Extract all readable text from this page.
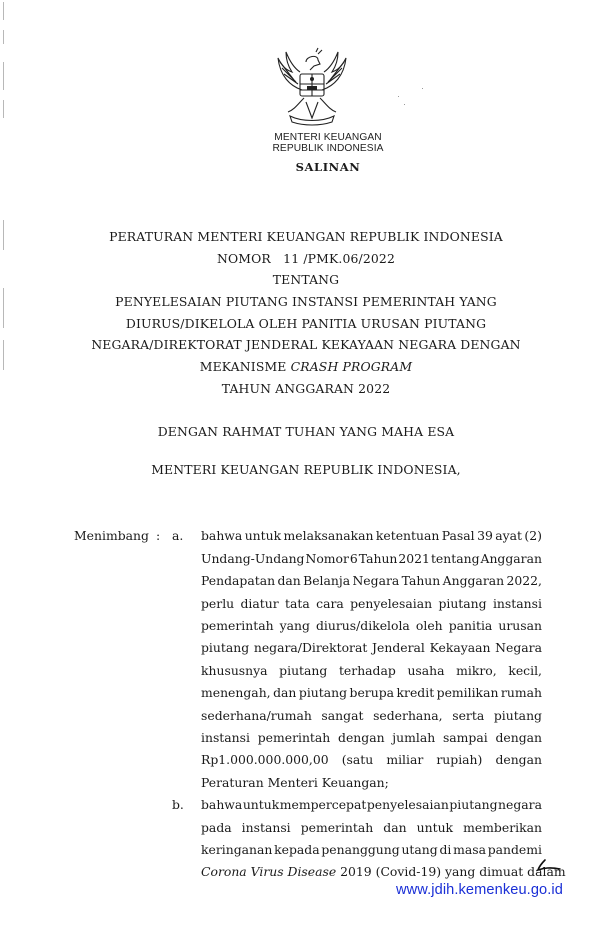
MENTERI KEUANGAN
REPUBLIK INDONESIA
SALINAN
PERATURAN MENTERI KEUANGAN REPUBLIK INDONESIA
NOMOR   11 /PMK.06/2022
TENTANG
PENYELESAIAN PIUTANG INSTANSI PEMERINTAH YANG
DIURUS/DIKELOLA OLEH PANITIA URUSAN PIUTANG
NEGARA/DIREKTORAT JENDERAL KEKAYAAN NEGARA DENGAN
MEKANISME CRASH PROGRAM
TAHUN ANGGARAN 2022
DENGAN RAHMAT TUHAN YANG MAHA ESA
MENTERI KEUANGAN REPUBLIK INDONESIA,
Menimbang : a. bahwa untuk melaksanakan ketentuan Pasal 39 ayat (2)
Undang-Undang Nomor 6 Tahun 2021 tentang Anggaran
Pendapatan dan Belanja Negara Tahun Anggaran 2022,
perlu diatur tata cara penyelesaian piutang instansi
pemerintah yang diurus/dikelola oleh panitia urusan
piutang negara/Direktorat Jenderal Kekayaan Negara
khususnya piutang terhadap usaha mikro, kecil,
menengah, dan piutang berupa kredit pemilikan rumah
sederhana/rumah sangat sederhana, serta piutang
instansi pemerintah dengan jumlah sampai dengan
Rp1.000.000.000,00 (satu miliar rupiah) dengan
Peraturan Menteri Keuangan;
b. bahwa untuk mempercepat penyelesaian piutang negara
pada instansi pemerintah dan untuk memberikan
keringanan kepada penanggung utang di masa pandemi
Corona Virus Disease 2019 (Covid-19) yang dimuat dalam
www.jdih.kemenkeu.go.id
